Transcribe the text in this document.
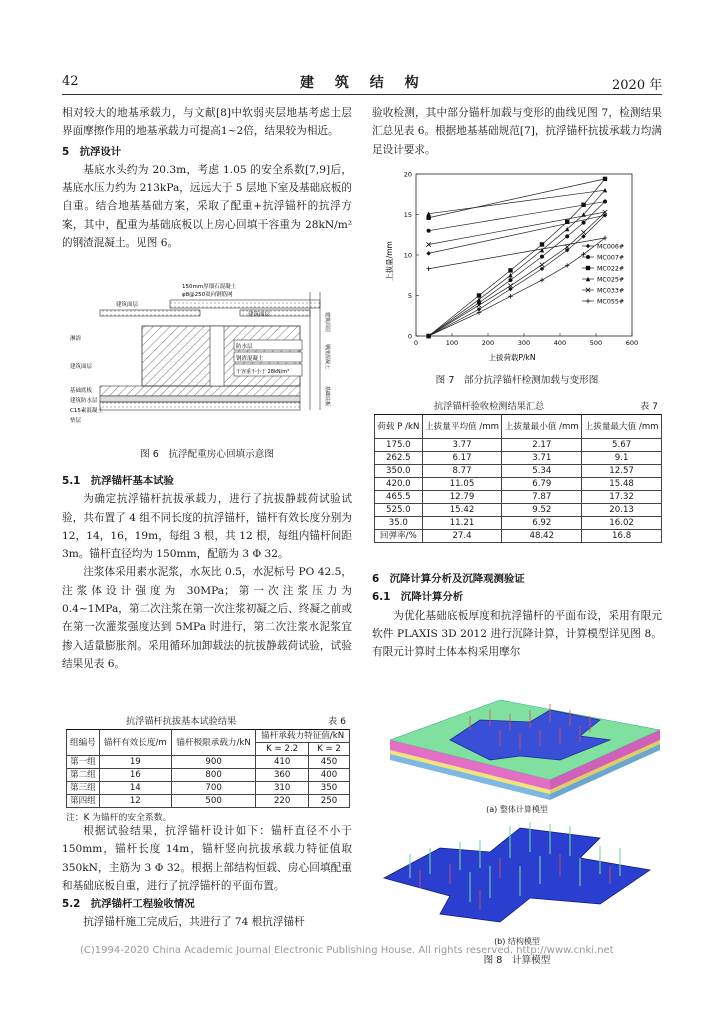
42	建 筑 结 构	2020 年

相对较大的地基承载力，与文献[8]中软弱夹层地基考虑土层界面摩擦作用的地基承载力可提高1~2倍，结果较为相近。

5　抗浮设计

基底水头约为 20.3m，考虑 1.05 的安全系数[7,9]后，基底水压力约为 213kPa，远远大于 5 层地下室及基础底板的自重。结合地基基础方案，采取了配重+抗浮锚杆的抗浮方案，其中，配重为基础底板以上房心回填干容重为 28kN/m² 的钢渣混凝土。见图 6。

150mm厚细石混凝土
φ8@250双向钢筋网
建筑面层
建筑面层
防水层
钢渣混凝土
干容重不小于 28kN/m³
淋浴
建筑面层
基础底板
建筑防水层
C15素混凝土
垫层
建筑面层
钢渣混凝土
基础底板
图 6　抗浮配重房心回填示意图

5.1　抗浮锚杆基本试验

为确定抗浮锚杆抗拔承载力，进行了抗拔静载荷试验试验，共布置了 4 组不同长度的抗浮锚杆，锚杆有效长度分别为 12，14，16，19m，每组 3 根，共 12 根，每组内锚杆间距 3m。锚杆直径均为 150mm，配筋为 3 Φ 32。

注浆体采用素水泥浆，水灰比 0.5，水泥标号 PO 42.5，注浆体设计强度为 30MPa；第一次注浆压力为 0.4~1MPa，第二次注浆在第一次注浆初凝之后、终凝之前或在第一次灌浆强度达到 5MPa 时进行，第二次注浆水泥浆宜掺入适量膨胀剂。采用循环加卸载法的抗拔静载荷试验，试验结果见表 6。

抗浮锚杆抗拔基本试验结果	表 6
组编号	锚杆有效长度/m	锚杆极限承载力/kN	锚杆承载力特征值/kN	
			K = 2.2	K = 2
第一组	19	900	410	450
第二组	16	800	360	400
第三组	14	700	310	350
第四组	12	500	220	250
注：K 为锚杆的安全系数。

根据试验结果，抗浮锚杆设计如下：锚杆直径不小于 150mm，锚杆长度 14m，锚杆竖向抗拔承载力特征值取 350kN，主筋为 3 Φ 32。根据上部结构恒载、房心回填配重和基础底板自重，进行了抗浮锚杆的平面布置。

5.2　抗浮锚杆工程验收情况

抗浮锚杆施工完成后，共进行了 74 根抗浮锚杆

验收检测，其中部分锚杆加载与变形的曲线见图 7，检测结果汇总见表 6。根据地基基础规范[7]，抗浮锚杆抗拔承载力均满足设计要求。

0	100	200	300	400	500	600
0
5
10
15
20
MC006#
MC007#
MC022#
MC025#
MC033#
MC055#
上拔荷载P/kN
上拔量/mm
图 7　部分抗浮锚杆检测加载与变形图
抗浮锚杆验收检测结果汇总	表 7
荷载 P /kN	上拔量平均值 /mm	上拔量最小值 /mm	上拔量最大值 /mm
175.0	3.77	2.17	5.67
262.5	6.17	3.71	9.1
350.0	8.77	5.34	12.57
420.0	11.05	6.79	15.48
465.5	12.79	7.87	17.32
525.0	15.42	9.52	20.13
35.0	11.21	6.92	16.02
回弹率/%	27.4	48.42	16.8

6　沉降计算分析及沉降观测验证

6.1　沉降计算分析

为优化基础底板厚度和抗浮锚杆的平面布设，采用有限元软件 PLAXIS 3D 2012 进行沉降计算，计算模型详见图 8。有限元计算时土体本构采用摩尔

(a) 整体计算模型
(b) 结构模型
图 8　计算模型
(C)1994-2020 China Academic Journal Electronic Publishing House. All rights reserved. http://www.cnki.net
